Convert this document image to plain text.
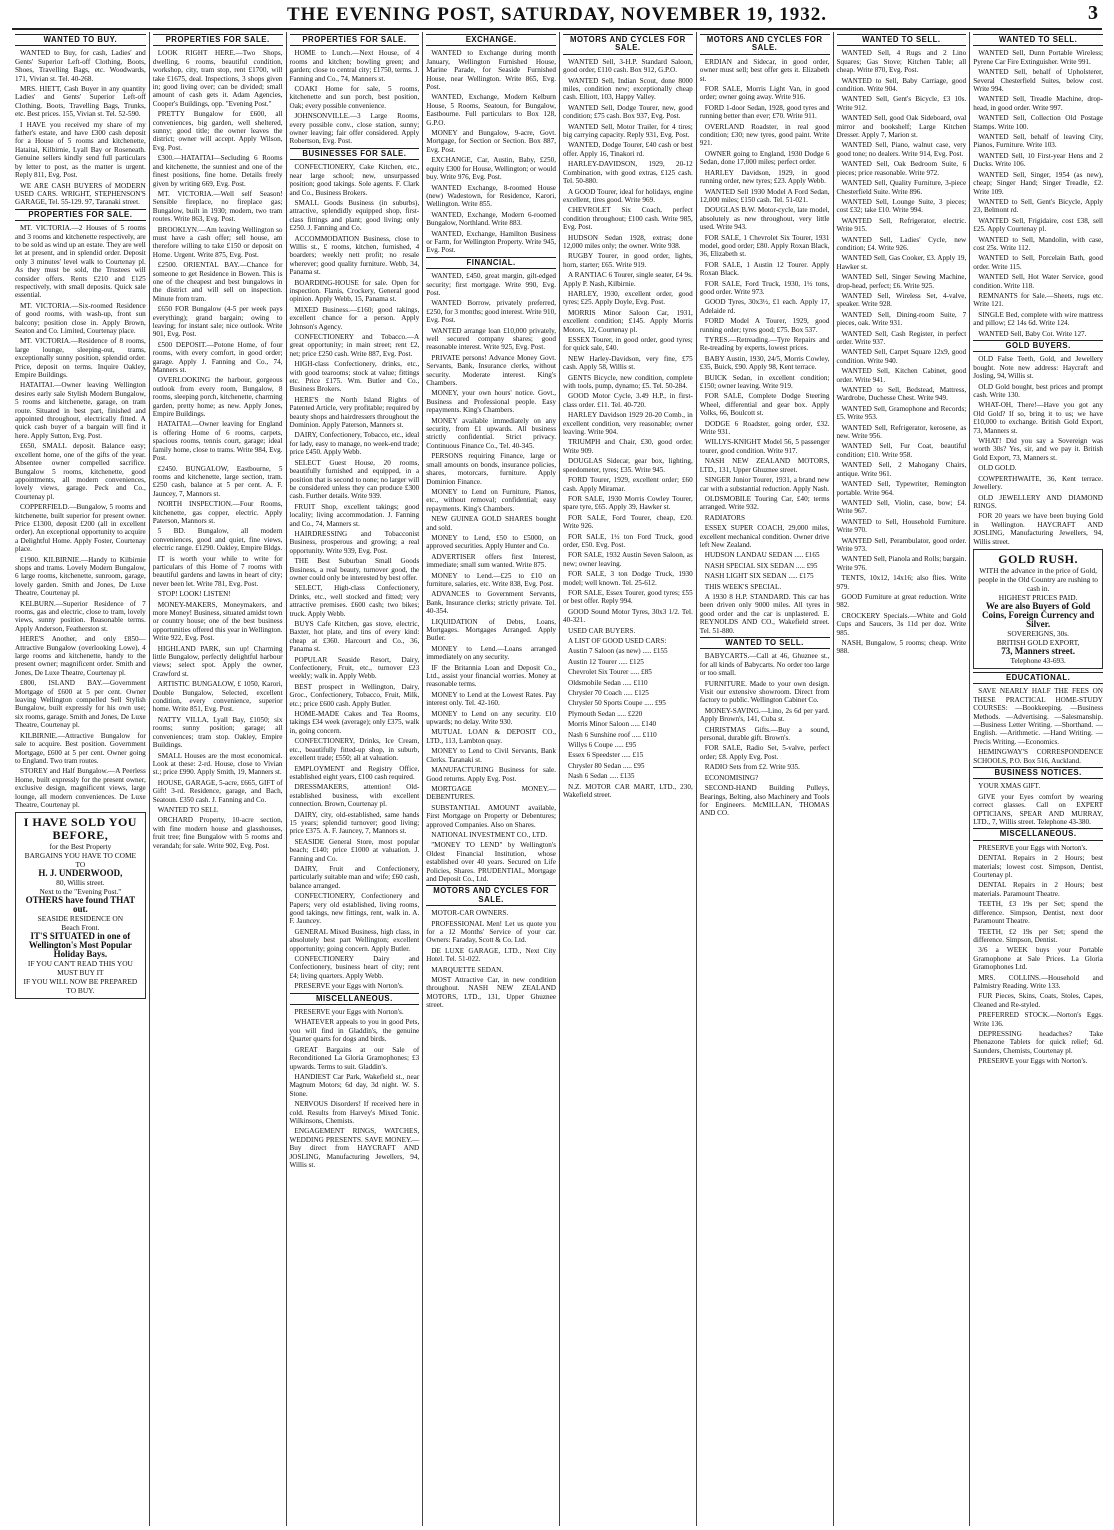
THE EVENING POST, SATURDAY, NOVEMBER 19, 1932.	3
WANTED TO BUY.
WANTED to Buy, for cash, Ladies' and Gents' Superior Left-off Clothing, Boots, Shoes, Travelling Bags, etc. Woodwards, 171, Vivian st. Tel. 40-268.
MRS. HIETT, Cash Buyer in any quantity Ladies' and Gents' Superior Left-off Clothing, Boots, Travelling Bags, Trunks, etc. Best prices. 155, Vivian st. Tel. 52-590.
I HAVE you received my share of my father's estate, and have £300 cash deposit for a House of 5 rooms and kitchenette, Hataitai, Kilbirnie, Lyall Bay or Roseneath. Genuine sellers kindly send full particulars by letter to post, as the matter is urgent. Reply 811, Evg. Post.
WE ARE CASH BUYERS of MODERN USED CARS. WRIGHT, STEPHENSON'S GARAGE, Tel. 55-129. 97, Taranaki street.
PROPERTIES FOR SALE.
MT. VICTORIA.—2 Houses of 5 rooms and 3 rooms and kitchenette respectively, are to be sold as wind up an estate. They are well let at present, and in splendid order. Deposit only 3 minutes' level walk to Courtenay pl. As they must be sold, the Trustees will consider offers. Rents £210 and £125 respectively, with small deposits. Quick sale essential.
MT. VICTORIA.—Six-roomed Residence of good rooms, with wash-up, front sun balcony; position close in. Apply Brown, Seaton and Co. Limited, Courtenay place.
MT. VICTORIA.—Residence of 8 rooms, large lounge, sleeping-out, trams, exceptionally sunny position, splendid order. Price, deposit on terms. Inquire Oakley, Empire Buildings.
HATAITAI.—Owner leaving Wellington desires early sale Stylish Modern Bungalow, 5 rooms and kitchenette, garage, on tram route. Situated in best part, finished and appointed throughout, electrically fitted. A quick cash buyer of a bargain will find it here. Apply Sutton, Evg. Post.
£650, SMALL deposit. Balance easy; excellent home, one of the gifts of the year. Absentee owner compelled sacrifice. Bungalow 5 rooms, kitchenette, good appointments, all modern conveniences, lovely views, garage. Peck and Co., Courtenay pl.
COPPERFIELD.—Bungalow, 5 rooms and kitchenette, built superior for present owner. Price £1300, deposit £200 (all in excellent order). An exceptional opportunity to acquire a Delightful Home. Apply Foster, Courtenay place.
£1900. KILBIRNIE.—Handy to Kilbirnie shops and trams. Lovely Modern Bungalow, 6 large rooms, kitchenette, sunroom, garage, lovely garden. Smith and Jones, De Luxe Theatre, Courtenay pl.
KELBURN.—Superior Residence of 7 rooms, gas and electric, close to tram, lovely views, sunny position. Reasonable terms. Apply Anderson, Featherston st.
HERE'S Another, and only £850—Attractive Bungalow (overlooking Lowe), 4 large rooms and kitchenette, handy to the present owner; magnificent order. Smith and Jones, De Luxe Theatre, Courtenay pl.
£800, ISLAND BAY.—Government Mortgage of £600 at 5 per cent. Owner leaving Wellington compelled Sell Stylish Bungalow, built expressly for his own use; six rooms, garage. Smith and Jones, De Luxe Theatre, Courtenay pl.
KILBIRNIE.—Attractive Bungalow for sale to acquire. Best position. Government Mortgage, £600 at 5 per cent. Owner going to England. Two tram routes.
STOREY and Half Bungalow.—A Peerless Home, built expressly for the present owner, exclusive design, magnificent views, large lounge, all modern conveniences. De Luxe Theatre, Courtenay pl.
I HAVE SOLD YOU BEFORE,
for the Best Property
BARGAINS YOU HAVE TO COME TO
H. J. UNDERWOOD,
80, Willis street.
Next to the "Evening Post."
OTHERS have found THAT out.
SEASIDE RESIDENCE ON
Beach Front.
IT'S SITUATED in one of Wellington's Most Popular Holiday Bays.
IF YOU CAN'T READ THIS YOU MUST BUY IT
IF YOU WILL NOW BE PREPARED TO BUY.
PROPERTIES FOR SALE.
LOOK RIGHT HERE.—Two Shops, dwelling, 6 rooms, beautiful condition, workshop, city, tram stop, rent £1700, will take £1675, deal. Inspections, 3 shops given in; good living over; can be divided; small amount of cash gets it. Adam Agencies, Cooper's Buildings, opp. "Evening Post."
PRETTY Bungalow for £600, all conveniences, big garden, well sheltered, sunny; good title; the owner leaves the district; owner will accept. Apply Wilson, Evg. Post.
£300.—HATAITAI—Secluding 6 Rooms and kitchenette, the sunniest and one of the finest positions, fine home. Details freely given by writing 669, Evg. Post.
MT. VICTORIA.—Well self Season! Sensible fireplace, no fireplace gas; Bungalow, built in 1930; modern, two tram routes. Write 863, Evg. Post.
BROOKLYN.—Am leaving Wellington so must have a cash offer; sell house, am therefore willing to take £150 or deposit on Home. Urgent. Write 875, Evg. Post.
£2500. ORIENTAL BAY.—Chance for someone to get Residence in Bowen. This is one of the cheapest and best bungalows in the district and will sell on inspection. Minute from tram.
£650 FOR Bungalow (4-5 per week pays everything); grand bargain; owing to leaving; for instant sale; nice outlook. Write 901, Evg. Post.
£500 DEPOSIT.—Potone Home, of four rooms, with every comfort, in good order; garage. Apply J. Fanning and Co., 74, Manners st.
OVERLOOKING the harbour, gorgeous outlook from every room, Bungalow, 8 rooms, sleeping porch, kitchenette, charming garden, pretty home; as new. Apply Jones, Empire Buildings.
HATAITAI.—Owner leaving for England is offering Home of 6 rooms, carpets, spacious rooms, tennis court, garage; ideal family home, close to trams. Write 984, Evg. Post.
£2450. BUNGALOW, Eastbourne, 5 rooms and kitchenette, large section, tram. £250 cash, balance at 5 per cent. A. F. Jauncey, 7, Mannors st.
NORTH INSPECTION.—Four Rooms, kitchenette, gas copper, electric. Apply Paterson, Mannors st.
5 BD. Bungalow, all modern conveniences, good and quiet, fine views, electric range. £1290. Oakley, Empire Bldgs.
IT is worth your while to write for particulars of this Home of 7 rooms with beautiful gardens and lawns in heart of city; never been let. Write 781, Evg. Post.
STOP! LOOK! LISTEN!
MONEY-MAKERS, Moneymakers, and more Money! Business, situated amidst town or country house; one of the best business opportunities offered this year in Wellington. Write 922, Evg. Post.
HIGHLAND PARK, sun up! Charming little Bungalow, perfectly delightful harbour views; select spot. Apply the owner, Crawford st.
ARTISTIC BUNGALOW, £ 1050, Karori, Double Bungalow, Selected, excellent condition, every convenience, superior home. Write 851, Evg. Post.
NATTY VILLA, Lyall Bay, £1050; six rooms; sunny position; garage; all conveniences; tram stop. Oakley, Empire Buildings.
SMALL Houses are the most economical. Look at these: 2-rd. House, close to Vivian st.; price £990. Apply Smith, 19, Manners st.
HOUSE, GARAGE, 5-acre, £665, GIFT of Gift! 3-rd. Residence, garage, and Bach, Seatoun. £350 cash. J. Fanning and Co.
WANTED TO SELL
ORCHARD Property, 10-acre section, with fine modern house and glasshouses, fruit tree; fine Bungalow with 5 rooms and verandah; for sale. Write 902, Evg. Post.
PROPERTIES FOR SALE.
HOME to Lunch.—Next House, of 4 rooms and kitchen; bowling green; and garden; close to central city; £1750, terms. J. Fanning and Co., 74, Manners st.
COAKI Home for sale, 5 rooms, kitchenette and sun porch, best position, Oak; every possible convenience.
JOHNSONVILLE.—3 Large Rooms, every possible conv., close station, sunny; owner leaving; fair offer considered. Apply Robertson, Evg. Post.
BUSINESSES FOR SALE.
CONFECTIONERY, Cake Kitchen, etc., near large school; new, unsurpassed position; good takings. Sole agents. F. Clark and Co., Business Brokers.
SMALL Goods Business (in suburbs), attractive, splendidly equipped shop, first-class fittings and plant; good living; only £250. J. Fanning and Co.
ACCOMMODATION Business, close to Willis st., £ rooms, kitchen, furnished, 4 boarders; weekly nett profit; no resale wherever; good quality furniture. Webb, 34, Panama st.
BOARDING-HOUSE for sale. Open for inspection. Flanis, Crockery, General good opinion. Apply Webb, 15, Panama st.
MIXED Business.—£160; good takings, excellent chance for a person. Apply Johnson's Agency.
CONFECTIONERY and Tobacco.—A great opportunity; in main street; rent £2, net; price £250 cash. Write 887, Evg. Post.
HIGH-class Confectionery, drinks, etc., with good tearooms; stock at value; fittings etc. Price £175. Wm. Butler and Co., Business Brokers.
HERE'S the North Island Rights of Patented Article, very profitable; required by beauty shops and hairdressers throughout the Dominion. Apply Paterson, Manners st.
DAIRY, Confectionery, Tobacco, etc., ideal for lady, easy to manage, no week-end trade; price £450. Apply Webb.
SELECT Guest House, 20 rooms, beautifully furnished and equipped, in a position that is second to none; no larger will be considered unless they can produce £300 cash. Further details. Write 939.
FRUIT Shop, excellent takings; good locality; living accommodation. J. Fanning and Co., 74, Manners st.
HAIRDRESSING and Tobacconist Business, prosperous and growing; a real opportunity. Write 939, Evg. Post.
THE Best Suburban Small Goods Business, a real beauty, turnover good, the owner could only be interested by best offer.
SELECT, High-class Confectionery, Drinks, etc., well stocked and fitted; very attractive premises. £600 cash; two bikes; truck. Apply Webb.
BUYS Cafe Kitchen, gas stove, electric, Baxter, hot plate, and tins of every kind: cheap at £360. Harcourt and Co., 36, Panama st.
POPULAR Seaside Resort, Dairy, Confectionery, Fruit, etc., turnover £23 weekly; walk in. Apply Webb.
BEST prospect in Wellington, Dairy, Groc., Confectionery, Tobacco, Fruit, Milk, etc.; price £600 cash. Apply Butler.
HOME-MADE Cakes and Tea Rooms, takings £34 week (average); only £375, walk in, going concern.
CONFECTIONERY, Drinks, Ice Cream, etc., beautifully fitted-up shop, in suburb, excellent trade; £550; all at valuation.
EMPLOYMENT and Registry Office, established eight years, £100 cash required.
DRESSMAKERS, attention! Old-established business, with excellent connection. Brown, Courtenay pl.
DAIRY, city, old-established, same hands 15 years; splendid turnover; good living; price £375. A. F. Jauncey, 7, Mannors st.
SEASIDE General Store, most popular beach; £140; price £1000 at valuation. J. Fanning and Co.
DAIRY, Fruit and Confectionery, particularly suitable man and wife; £60 cash, balance arranged.
CONFECTIONERY, Confectionery and Papers; very old established, living rooms, good takings, new fittings, rent, walk in. A. F. Jauncey.
GENERAL Mixed Business, high class, in absolutely best part Wellington; excellent opportunity; going concern. Apply Butler.
CONFECTIONERY Dairy and Confectionery, business heart of city; rent £4; living quarters. Apply Webb.
PRESERVE your Eggs with Norton's.
MISCELLANEOUS.
PRESERVE your Eggs with Norton's.
WHATEVER appeals to you in good Pets, you will find in Gladdin's, the genuine Quarter quarts for dogs and birds.
GREAT Bargains at our Sale of Reconditioned La Gloria Gramophones; £3 upwards. Terms to suit. Gladdin's.
HANDIEST Car Park, Wakefield st., near Magnum Motors; 6d day, 3d night. W. S. Stone.
NERVOUS Disorders! If received here in cold. Results from Harvey's Mixed Tonic. Wilkinsons, Chemists.
ENGAGEMENT RINGS, WATCHES, WEDDING PRESENTS. SAVE MONEY.—Buy direct from HAYCRAFT AND JOSLING, Manufacturing Jewellers, 94, Willis st.
EXCHANGE.
WANTED to Exchange during month January, Wellington Furnished House, Marine Parade, for Seaside Furnished House, near Wellington. Write 865, Evg. Post.
WANTED, Exchange, Modern Kelburn House, 5 Rooms, Seatoun, for Bungalow, Eastbourne. Full particulars to Box 128, G.P.O.
MONEY and Bungalow, 9-acre, Govt. Mortgage, for Section or Section. Box 887, Evg. Post.
EXCHANGE, Car, Austin, Baby, £250, equity £300 for House, Wellington; or would buy. Write 976, Evg. Post.
WANTED Exchange, 8-roomed House (new) Wadestown, for Residence, Karori, Wellington. Write 855.
WANTED, Exchange, Modern 6-roomed Bungalow, Northland. Write 883.
WANTED, Exchange, Hamilton Business or Farm, for Wellington Property. Write 945, Evg. Post.
FINANCIAL.
WANTED, £450, great margin, gilt-edged security; first mortgage. Write 990, Evg. Post.
WANTED Borrow, privately preferred, £250, for 3 months; good interest. Write 910, Evg. Post.
WANTED arrange loan £10,000 privately, well secured company shares; good reasonable interest. Write 925, Evg. Post.
PRIVATE persons! Advance Money Govt. Servants, Bank, Insurance clerks, without security. Moderate interest. King's Chambers.
MONEY, your own hours' notice. Govt., Business and Professional people. Easy repayments. King's Chambers.
MONEY available immediately on any security, from £1 upwards. All business strictly confidential. Strict privacy. Continuous Finance Co., Tel. 40-345.
PERSONS requiring Finance, large or small amounts on bonds, insurance policies, shares, motorcars, furniture. Apply Dominion Finance.
MONEY to Lend on Furniture, Pianos, etc., without removal; confidential; easy repayments. King's Chambers.
NEW GUINEA GOLD SHARES bought and sold.
MONEY to Lend, £50 to £5000, on approved securities. Apply Hunter and Co.
ADVERTISER offers first Interest, immediate; small sum wanted. Write 875.
MONEY to Lend.—£25 to £10 on furniture, salaries, etc. Write 838, Evg. Post.
ADVANCES to Government Servants, Bank, Insurance clerks; strictly private. Tel. 40-354.
LIQUIDATION of Debts, Loans, Mortgages. Mortgages Arranged. Apply Butler.
MONEY to Lend.—Loans arranged immediately on any security.
IF the Britannia Loan and Deposit Co., Ltd., assist your financial worries. Money at reasonable terms.
MONEY to Lend at the Lowest Rates. Pay interest only. Tel. 42-160.
MONEY to Lend on any security. £10 upwards; no delay. Write 930.
MUTUAL LOAN & DEPOSIT CO., LTD., 113, Lambton quay.
MONEY to Lend to Civil Servants, Bank Clerks. Taranaki st.
MANUFACTURING Business for sale. Good returns. Apply Evg. Post.
MORTGAGE MONEY.—DEBENTURES.
SUBSTANTIAL AMOUNT available, First Mortgage on Property or Debentures; approved Companies. Also on Shares.
NATIONAL INVESTMENT CO., LTD.
"MONEY TO LEND" by Wellington's Oldest Financial Institution, whose established over 40 years. Secured on Life Policies, Shares. PRUDENTIAL, Mortgage and Deposit Co., Ltd.
MOTORS AND CYCLES FOR SALE.
MOTOR-CAR OWNERS.
PROFESSIONAL Men! Let us quote you for a 12 Months' Service of your car. Owners: Faraday, Scott & Co. Ltd.
DE LUXE GARAGE, LTD., Next City Hotel. Tel. 51-022.
MARQUETTE SEDAN.
MOST Attractive Car, in new condition throughout. NASH NEW ZEALAND MOTORS, LTD., 131, Upper Ghuznee street.
MOTORS AND CYCLES FOR SALE.
WANTED Sell, 3-H.P. Standard Saloon, good order, £110 cash. Box 912, G.P.O.
WANTED Sell, Indian Scout, done 8000 miles, condition new; exceptionally cheap cash. Elliott, 103, Happy Valley.
WANTED Sell, Dodge Tourer, new, good condition; £75 cash. Box 937, Evg. Post.
WANTED Sell, Motor Trailer, for 4 tires; big carrying capacity. Reply 931, Evg. Post.
WANTED, Dodge Tourer, £40 cash or best offer. Apply 16, Tinakori rd.
HARLEY-DAVIDSON, 1929, 20-12 Combination, with good extras, £125 cash. Tel. 50-880.
A GOOD Tourer, ideal for holidays, engine excellent, tires good. Write 969.
CHEVROLET Six Coach, perfect condition throughout; £100 cash. Write 985, Evg. Post.
HUDSON Sedan 1928, extras; done 12,000 miles only; the owner. Write 938.
RUGBY Tourer, in good order, lights, horn, starter; £65. Write 919.
A RANTIAC 6 Tourer, single seater, £4 9s. Apply P. Nash, Kilbirnie.
HARLEY, 1930, excellent order, good tyres; £25. Apply Doyle, Evg. Post.
MORRIS Minor Saloon Car, 1931, excellent condition; £145. Apply Morris Motors, 12, Courtenay pl.
ESSEX Tourer, in good order, good tyres; for quick sale, £40.
NEW Harley-Davidson, very fine, £75 cash. Apply 58, Willis st.
GENTS Bicycle, new condition, complete with tools, pump, dynamo; £5. Tel. 50-284.
GOOD Motor Cycle, 3.49 H.P., in first-class order. £11. Tel. 40-720.
HARLEY Davidson 1929 20-20 Comb., in excellent condition, very reasonable; owner leaving. Write 904.
TRIUMPH and Chair, £30, good order. Write 909.
DOUGLAS Sidecar, gear box, lighting, speedometer, tyres; £35. Write 945.
FORD Tourer, 1929, excellent order; £60 cash. Apply Miramar.
FOR SALE, 1930 Morris Cowley Tourer, spare tyre, £65. Apply 39, Hawker st.
FOR SALE, Ford Tourer, cheap, £20. Write 926.
FOR SALE, 1½ ton Ford Truck, good order, £50. Evg. Post.
FOR SALE, 1932 Austin Seven Saloon, as new; owner leaving.
FOR SALE, 3 ton Dodge Truck, 1930 model; well known. Tel. 25-612.
FOR SALE, Essex Tourer, good tyres; £55 or best offer. Reply 994.
GOOD Sound Motor Tyres, 30x3 1/2. Tel. 40-321.
USED CAR BUYERS.
A LIST OF GOOD USED CARS:
Austin 7 Saloon (as new) ..... £155
Austin 12 Tourer ..... £125
Chevrolet Six Tourer ..... £85
Oldsmobile Sedan ..... £110
Chrysler 70 Coach ..... £125
Chrysler 50 Sports Coupe ..... £95
Plymouth Sedan ..... £220
Morris Minor Saloon ..... £140
Nash 6 Sunshine roof ..... £110
Willys 6 Coupe ..... £95
Essex 6 Speedster ..... £15
Chrysler 80 Sedan ..... £95
Nash 6 Sedan ..... £135
N.Z. MOTOR CAR MART, LTD., 230, Wakefield street.
MOTORS AND CYCLES FOR SALE.
ERDIAN and Sidecar, in good order, owner must sell; best offer gets it. Elizabeth st.
FOR SALE, Morris Light Van, in good order; owner going away. Write 916.
FORD 1-door Sedan, 1928, good tyres and running better than ever; £70. Write 911.
OVERLAND Roadster, in real good condition; £30; new tyres, good paint. Write 921.
OWNER going to England, 1930 Dodge 6 Sedan, done 17,000 miles; perfect order.
HARLEY Davidson, 1929, in good running order, new tyres; £23. Apply Webb.
WANTED Sell 1930 Model A Ford Sedan, 12,000 miles; £150 cash. Tel. 51-021.
DOUGLAS B.W. Motor-cycle, late model, absolutely as new throughout, very little used. Write 943.
FOR SALE, 1 Chevrolet Six Tourer, 1931 model, good order; £80. Apply Roxan Black, 36, Elizabeth st.
FOR SALE, 1 Austin 12 Tourer. Apply Roxan Black.
FOR SALE, Ford Truck, 1930, 1½ tons, good order. Write 973.
GOOD Tyres, 30x3½, £1 each. Apply 17, Adelaide rd.
FORD Model A Tourer, 1929, good running order; tyres good; £75. Box 537.
TYRES.—Retreading.—Tyre Repairs and Re-treading by experts, lowest prices.
BABY Austin, 1930, 24/5, Morris Cowley, £35, Buick, £90. Apply 98, Kent terrace.
BUICK Sedan, in excellent condition; £150; owner leaving. Write 919.
FOR SALE, Complete Dodge Steering Wheel, differential and gear box. Apply Volks, 66, Boulcott st.
DODGE 6 Roadster, going order, £32. Write 931.
WILLYS-KNIGHT Model 56, 5 passenger tourer, good condition. Write 917.
NASH NEW ZEALAND MOTORS, LTD., 131, Upper Ghuznee street.
SINGER Junior Tourer, 1931, a brand new car with a substantial reduction. Apply Nash.
OLDSMOBILE Touring Car, £40; terms arranged. Write 932.
RADIATORS
ESSEX SUPER COACH, 29,000 miles, excellent mechanical condition. Owner drive left New Zealand.
HUDSON LANDAU SEDAN ..... £165
NASH SPECIAL SIX SEDAN ..... £95
NASH LIGHT SIX SEDAN ..... £175
THIS WEEK'S SPECIAL.
A 1930 8 H.P. STANDARD. This car has been driven only 9000 miles. All tyres in good order and the car is unplastered. E. REYNOLDS AND CO., Wakefield street. Tel. 51-880.
WANTED TO SELL.
BABYCARTS.—Call at 46, Ghuznee st., for all kinds of Babycarts. No order too large or too small.
FURNITURE. Made to your own design. Visit our extensive showroom. Direct from factory to public. Wellington Cabinet Co.
MONEY-SAVING.—Lino, 2s 6d per yard. Apply Brown's, 141, Cuba st.
CHRISTMAS Gifts.—Buy a sound, personal, durable gift. Brown's.
FOR SALE, Radio Set, 5-valve, perfect order; £8. Apply Evg. Post.
RADIO Sets from £2. Write 935.
ECONOMISING?
SECOND-HAND Building Pulleys, Bearings, Belting, also Machinery and Tools for Engineers. McMILLAN, THOMAS AND CO.
WANTED TO SELL.
WANTED Sell, 4 Rugs and 2 Lino Squares; Gas Stove; Kitchen Table; all cheap. Write 870, Evg. Post.
WANTED to Sell, Baby Carriage, good condition. Write 904.
WANTED Sell, Gent's Bicycle, £3 10s. Write 912.
WANTED Sell, good Oak Sideboard, oval mirror and bookshelf; Large Kitchen Dresser. Apply 7, Marion st.
WANTED Sell, Piano, walnut case, very good tone; no dealers. Write 914, Evg. Post.
WANTED Sell, Oak Bedroom Suite, 6 pieces; price reasonable. Write 972.
WANTED Sell, Quality Furniture, 3-piece Chesterfield Suite. Write 896.
WANTED Sell, Lounge Suite, 3 pieces; cost £32; take £10. Write 994.
WANTED Sell, Refrigerator, electric. Write 915.
WANTED Sell, Ladies' Cycle, new condition; £4. Write 926.
WANTED Sell, Gas Cooker, £3. Apply 19, Hawker st.
WANTED Sell, Singer Sewing Machine, drop-head, perfect; £6. Write 925.
WANTED Sell, Wireless Set, 4-valve, speaker. Write 928.
WANTED Sell, Dining-room Suite, 7 pieces, oak. Write 931.
WANTED Sell, Cash Register, in perfect order. Write 937.
WANTED Sell, Carpet Square 12x9, good condition. Write 940.
WANTED Sell, Kitchen Cabinet, good order. Write 941.
WANTED to Sell, Bedstead, Mattress, Wardrobe, Duchesse Chest. Write 949.
WANTED Sell, Gramophone and Records; £5. Write 953.
WANTED Sell, Refrigerator, kerosene, as new. Write 956.
WANTED Sell, Fur Coat, beautiful condition; £10. Write 958.
WANTED Sell, 2 Mahogany Chairs, antique. Write 961.
WANTED Sell, Typewriter, Remington portable. Write 964.
WANTED Sell, Violin, case, bow; £4. Write 967.
WANTED to Sell, Household Furniture. Write 970.
WANTED Sell, Perambulator, good order. Write 973.
WANTED Sell, Pianola and Rolls; bargain. Write 976.
TENTS, 10x12, 14x16; also flies. Write 979.
GOOD Furniture at great reduction. Write 982.
CROCKERY Specials.—White and Gold Cups and Saucers, 3s 11d per doz. Write 985.
NASH, Bungalow, 5 rooms; cheap. Write 988.
WANTED TO SELL.
WANTED Sell, Dunn Portable Wireless; Pyrene Car Fire Extinguisher. Write 991.
WANTED Sell, behalf of Upholsterer, Several Chesterfield Suites, below cost. Write 994.
WANTED Sell, Treadle Machine, drop-head, in good order. Write 997.
WANTED Sell, Collection Old Postage Stamps. Write 100.
WANTED Sell, behalf of leaving City, Pianos, Furniture. Write 103.
WANTED Sell, 10 First-year Hens and 2 Ducks. Write 106.
WANTED Sell, Singer, 1954 (as new), cheap; Singer Hand; Singer Treadle, £2. Write 109.
WANTED to Sell, Gent's Bicycle, Apply 23, Belmont rd.
WANTED Sell, Frigidaire, cost £38, sell £25. Apply Courtenay pl.
WANTED to Sell, Mandolin, with case, cost 25s. Write 112.
WANTED to Sell, Porcelain Bath, good order. Write 115.
WANTED Sell, Hot Water Service, good condition. Write 118.
REMNANTS for Sale.—Sheets, rugs etc. Write 121.
SINGLE Bed, complete with wire mattress and pillow; £2 14s 6d. Write 124.
WANTED Sell, Baby Cot. Write 127.
GOLD BUYERS.
OLD False Teeth, Gold, and Jewellery bought. Note new address: Haycraft and Josling, 94, Willis st.
OLD Gold bought, best prices and prompt cash. Write 130.
WHAT-OH, There!—Have you got any Old Gold? If so, bring it to us; we have £10,000 to exchange. British Gold Export, 73, Manners st.
WHAT! Did you say a Sovereign was worth 30s? Yes, sir, and we pay it. British Gold Export, 73, Manners st.
OLD GOLD.
COWPERTHWAITE, 36, Kent terrace. Jewellery.
OLD JEWELLERY AND DIAMOND RINGS.
FOR 20 years we have been buying Gold in Wellington. HAYCRAFT AND JOSLING, Manufacturing Jewellers, 94, Willis street.
GOLD RUSH.
WITH the advance in the price of Gold, people in the Old Country are rushing to cash in.
HIGHEST PRICES PAID.
We are also Buyers of Gold Coins, Foreign Currency and Silver.
SOVEREIGNS, 30s.
BRITISH GOLD EXPORT,
73, Manners street.
Telephone 43-693.
EDUCATIONAL.
SAVE NEARLY HALF THE FEES ON THESE PRACTICAL HOME-STUDY COURSES: —Bookkeeping. —Business Methods. —Advertising. —Salesmanship. —Business Letter Writing. —Shorthand. —English. —Arithmetic. —Hand Writing. —Precis Writing. —Economics.
HEMINGWAY'S CORRESPONDENCE SCHOOLS, P.O. Box 516, Auckland.
BUSINESS NOTICES.
YOUR XMAS GIFT.
GIVE your Eyes comfort by wearing correct glasses. Call on EXPERT OPTICIANS, SPEAR AND MURRAY, LTD., 7, Willis street. Telephone 43-380.
MISCELLANEOUS.
PRESERVE your Eggs with Norton's.
DENTAL Repairs in 2 Hours; best materials; lowest cost. Simpson, Dentist, Courtenay pl.
DENTAL Repairs in 2 Hours; best materials. Paramount Theatre.
TEETH, £3 19s per Set; spend the difference. Simpson, Dentist, next door Paramount Theatre.
TEETH, £2 19s per Set; spend the difference. Simpson, Dentist.
3/6 a WEEK buys your Portable Gramophone at Sale Prices. La Gloria Gramophones Ltd.
MRS. COLLINS.—Household and Palmistry Reading. Write 133.
FUR Pieces, Skins, Coats, Stoles, Capes, Cleaned and Re-styled.
PREFERRED STOCK.—Norton's Eggs. Write 136.
DEPRESSING headaches? Take Phenazone Tablets for quick relief; 6d. Saunders, Chemists, Courtenay pl.
PRESERVE your Eggs with Norton's.
